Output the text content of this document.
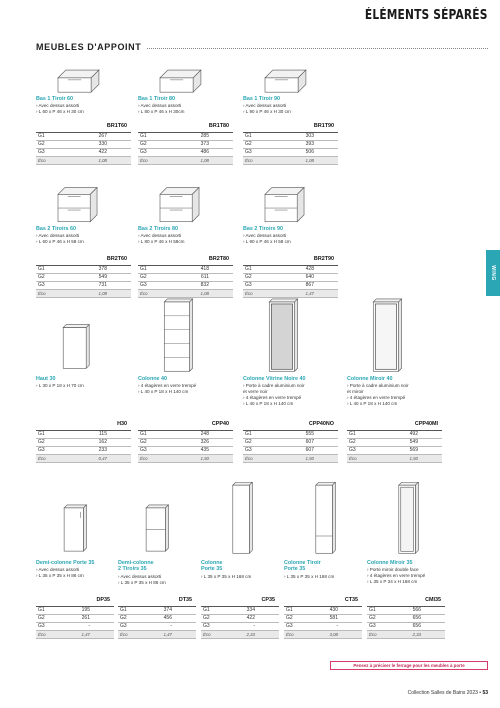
ÉLÉMENTS SÉPARÉS
MEUBLES D'APPOINT
WING
Bas 1 Tiroir 60
› Avec dessus assorti
› L 60 x P 46 x H 30 cm
BR1T60	
G1	267
G2	330
G3	422
Éco	1,08
Bas 1 Tiroir 80
› Avec dessus assorti
› L 80 x P 46 x H 30cm
BR1T80	
G1	285
G2	373
G3	486
Éco	1,08
Bas 1 Tiroir 90
› Avec dessus assorti
› L 90 x P 46 x H 30 cm
BR1T90	
G1	303
G2	393
G3	506
Éco	1,08
Bas 2 Tiroirs 60
› Avec dessus assorti
› L 60 x P 46 x H 58 cm
BR2T60	
G1	378
G2	549
G3	731
Éco	1,08
Bas 2 Tiroirs 80
› Avec dessus assorti
› L 80 x P 46 x H 58cm
BR2T80	
G1	418
G2	611
G3	832
Éco	1,08
Bas 2 Tiroirs 90
› Avec dessus assorti
› L 90 x P 46 x H 58 cm
BR2T90	
G1	428
G2	640
G3	867
Éco	1,47
Haut 30
› L 30 x P 18 x H 70 cm
H30	
G1	115
G2	162
G3	233
Éco	0,47
Colonne 40
› 4 étagères en verre trempé
› L 40 x P 18 x H 140 cm
CPP40	
G1	248
G2	326
G3	435
Éco	1,50
Colonne Vitrine Noire 40
› Porte à cadre aluminium noir
et verre noir
› 4 étagères en verre trempé
› L 40 x P 18 x H 140 cm
CPP40NO	
G1	555
G2	607
G3	607
Éco	1,50
Colonne Miroir 40
› Porte à cadre aluminium noir
et miroir
› 4 étagères en verre trempé
› L 40 x P 18 x H 140 cm
CPP40MI	
G1	492
G2	549
G3	569
Éco	1,50
Demi-colonne Porte 35
› Avec dessus assorti
› L 35 x P 35 x H 86 cm
DP35	
G1	195
G2	261
G3	-
Éco	1,47
Demi-colonne
2 Tiroirs 35
› Avec dessus assorti
› L 35 x P 35 x H 86 cm
DT35	
G1	374
G2	456
G3	-
Éco	1,47
Colonne
Porte 35
› L 35 x P 35 x H 168 cm
CP35	
G1	334
G2	422
G3	-
Éco	2,33
Colonne Tiroir
Porte 35
› L 35 x P 35 x H 168 cm
CT35	
G1	430
G2	581
G3	-
Éco	3,08
Colonne Miroir 35
› Porte miroir double face
› 4 étagères en verre trempé
› L 35 x P 34 x H 168 cm
CMI35	
G1	566
G2	656
G3	656
Éco	2,33
Pensez à préciser le ferrage pour les meubles à porte
Collection Salles de Bains 2023 • 53
